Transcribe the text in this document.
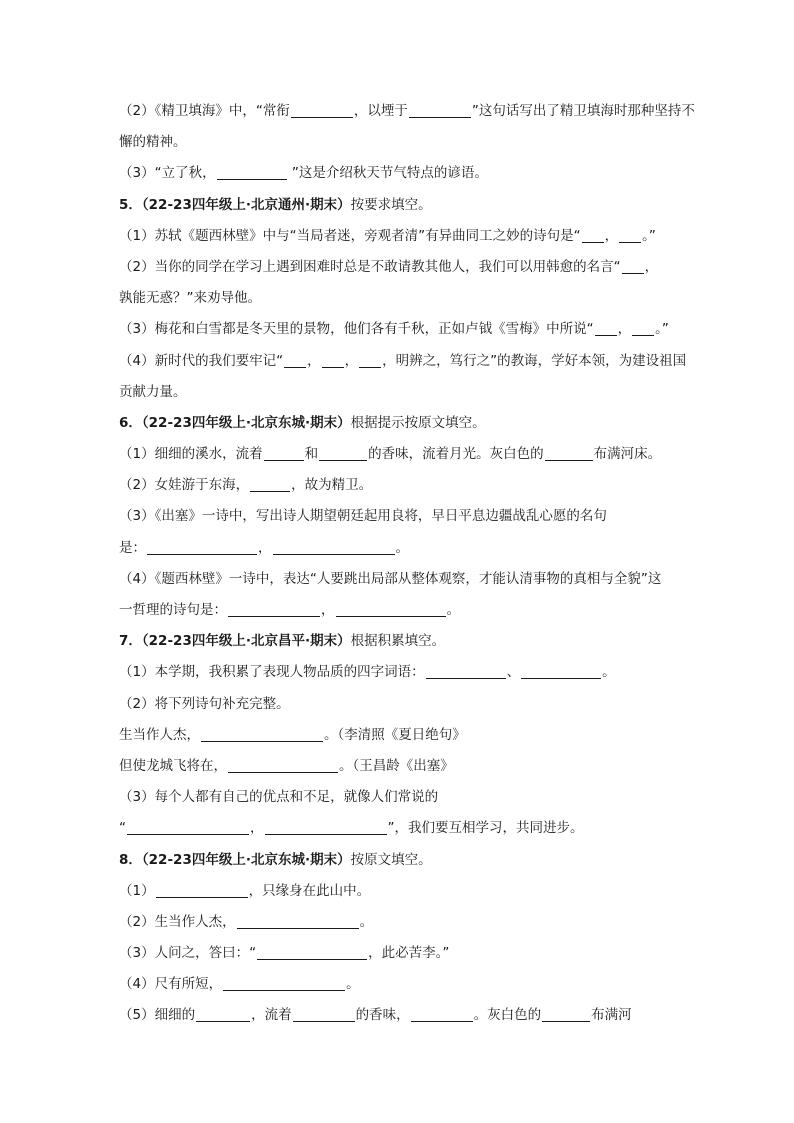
（2）《精卫填海》中，“常衔	，以堙于	”这句话写出了精卫填海时那种坚持不
懈的精神。
（3）“立了秋，	”这是介绍秋天节气特点的谚语。
5．（22-23四年级上·北京通州·期末）按要求填空。
（1）苏轼《题西林壁》中与“当局者迷，旁观者清”有异曲同工之妙的诗句是“ ， 。”
（2）当你的同学在学习上遇到困难时总是不敢请教其他人，我们可以用韩愈的名言“ ，
孰能无惑？”来劝导他。
（3）梅花和白雪都是冬天里的景物，他们各有千秋，正如卢钺《雪梅》中所说“ ， 。”
（4）新时代的我们要牢记“ ， ， ，明辨之，笃行之”的教诲，学好本领，为建设祖国
贡献力量。
6．（22-23四年级上·北京东城·期末）根据提示按原文填空。
（1）细细的溪水，流着	和	的香味，流着月光。灰白色的	布满河床。
（2）女娃游于东海，	，故为精卫。
（3）《出塞》一诗中，写出诗人期望朝廷起用良将，早日平息边疆战乱心愿的名句
是：	，	。
（4）《题西林壁》一诗中，表达“人要跳出局部从整体观察，才能认清事物的真相与全貌”这
一哲理的诗句是：	，	。
7．（22-23四年级上·北京昌平·期末）根据积累填空。
（1）本学期，我积累了表现人物品质的四字词语：	、	。
（2）将下列诗句补充完整。
生当作人杰，	。（李清照《夏日绝句》
但使龙城飞将在，	。（王昌龄《出塞》
（3）每个人都有自己的优点和不足，就像人们常说的
“	，	”，我们要互相学习，共同进步。
8．（22-23四年级上·北京东城·期末）按原文填空。
（1）	，只缘身在此山中。
（2）生当作人杰，	。
（3）人问之，答曰：“	，此必苦李。”
（4）尺有所短，	。
（5）细细的	，流着	的香味，	。灰白色的	布满河
